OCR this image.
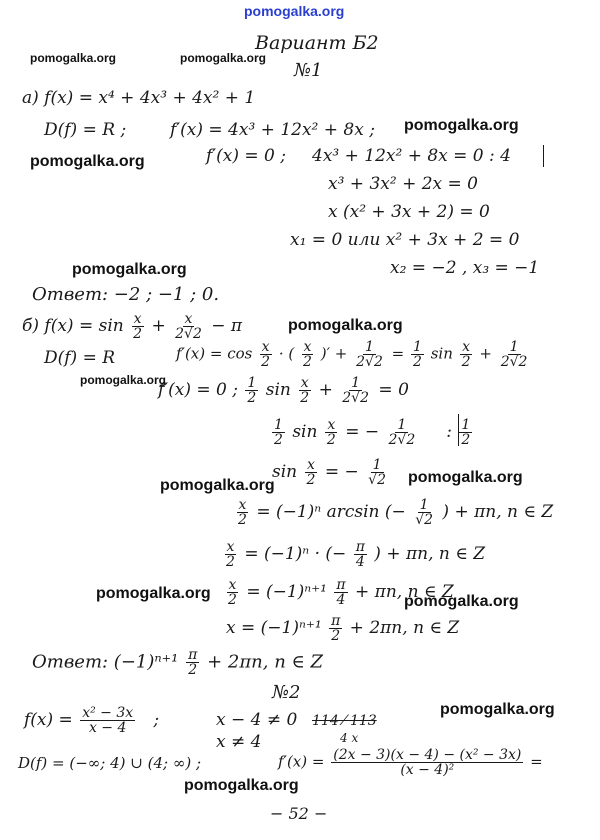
pomogalka.org
pomogalka.org	pomogalka.org
pomogalka.org
pomogalka.org
pomogalka.org
pomogalka.org
pomogalka.org
pomogalka.org
pomogalka.org
pomogalka.org	pomogalka.org
pomogalka.org
pomogalka.org
Вариант Б2
№1
а) f(x) = x⁴ + 4x³ + 4x² + 1
D(f) = R ;	f′(x) = 4x³ + 12x² + 8x ;
f′(x) = 0 ; 4x³ + 12x² + 8x = 0 : 4
x³ + 3x² + 2x = 0
x (x² + 3x + 2) = 0
x₁ = 0 или x² + 3x + 2 = 0
x₂ = −2 , x₃ = −1
Ответ: −2 ; −1 ; 0.
б) $f(x) = \sin \frac{x}{2} + \frac{x}{2√2} - \pi$
D(f) = R	$f'(x) = \cos \frac{x}{2}$ · ( $\frac{x}{2}$ )′ + $\frac{1}{2√2} = \frac{1}{2}$ $\sin \frac{x}{2} + \frac{1}{2√2}$
f′(x) = 0 ; $\frac{1}{2}$ $\sin \frac{x}{2} + \frac{1}{2√2} = 0$
$\frac{1}{2}$ $\sin \frac{x}{2}$ = − $\frac{1}{2√2}$ : $\frac{1}{2}$
$\sin \frac{x}{2}$ = − $\frac{1}{√2}$
$\frac{x}{2} = (-1)^n$ arcsin (− $\frac{1}{√2}$ ) + πn, n ∈ Z
$\frac{x}{2} = (-1)^n$ · (− $\frac{\pi}{4}$ ) + πn, n ∈ Z
$\frac{x}{2} = (-1)^{n+1} \frac{\pi}{4} + \pi n$, n ∈ Z
$x = (-1)^{n+1} \frac{\pi}{2} + 2\pi n$, n ∈ Z
Ответ: $(-1)^{n+1} \frac{\pi}{2} + 2\pi n$, n ∈ Z
№2
$f(x) = \frac{\text{x² − 3x}}{x - 4}$ ;	x − 4 ≠ 0
x ≠ 4
114 ⁄ 113
4 x
D(f) = (−∞; 4) ∪ (4; ∞) ;	$f'(x) = \frac{\text{(2x − 3)(x − 4) − (x² − 3x)}}{\text{(x − 4)²}}$ =
− 52 −
